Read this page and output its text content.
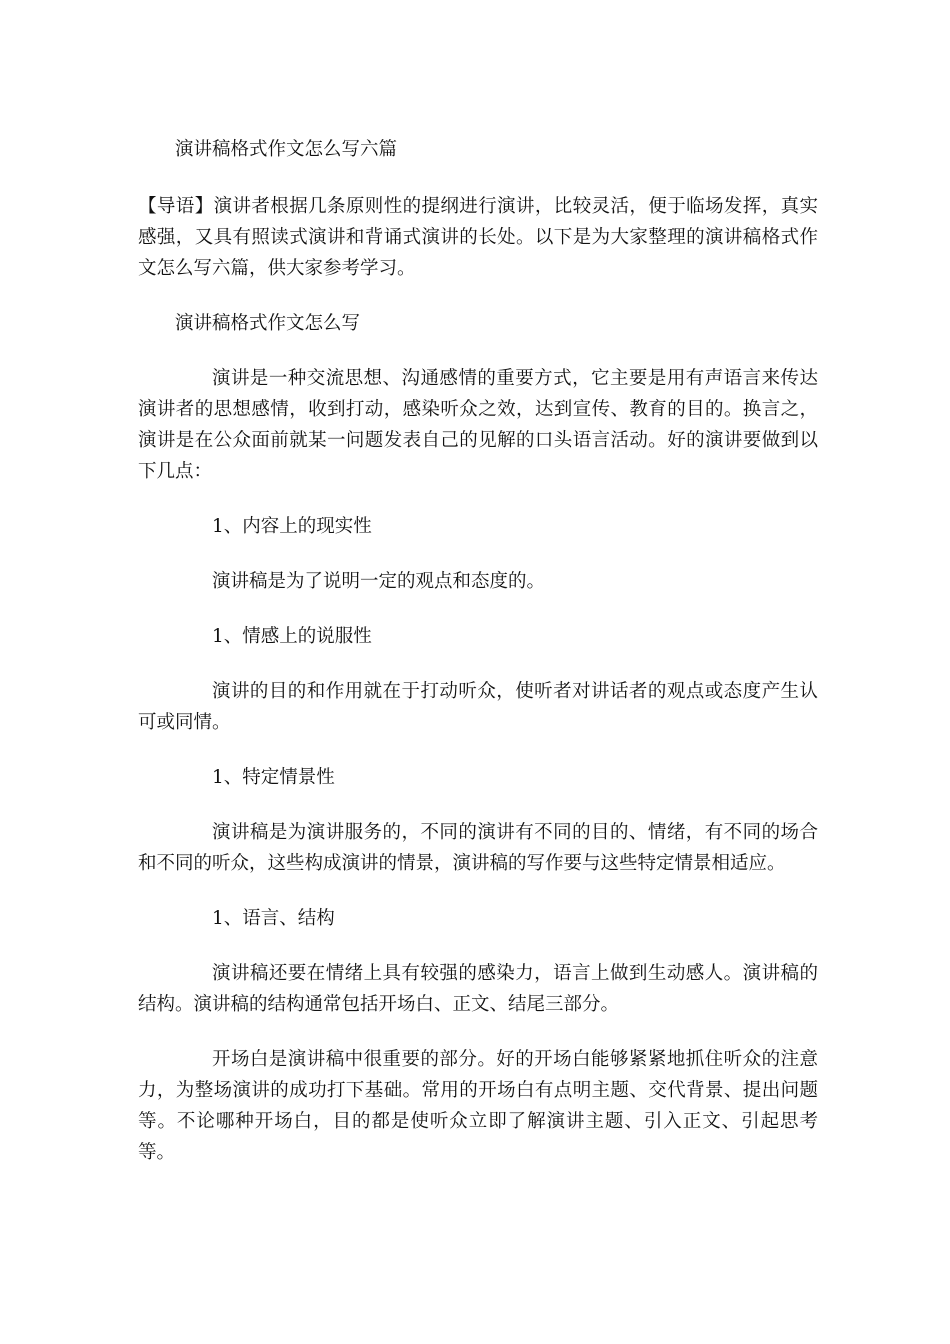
演讲稿格式作文怎么写六篇

【导语】演讲者根据几条原则性的提纲进行演讲，比较灵活，便于临场发挥，真实感强，又具有照读式演讲和背诵式演讲的长处。以下是为大家整理的演讲稿格式作文怎么写六篇，供大家参考学习。

演讲稿格式作文怎么写

演讲是一种交流思想、沟通感情的重要方式，它主要是用有声语言来传达演讲者的思想感情，收到打动，感染听众之效，达到宣传、教育的目的。换言之，演讲是在公众面前就某一问题发表自己的见解的口头语言活动。好的演讲要做到以下几点：

1、内容上的现实性

演讲稿是为了说明一定的观点和态度的。

1、情感上的说服性

演讲的目的和作用就在于打动听众，使听者对讲话者的观点或态度产生认可或同情。

1、特定情景性

演讲稿是为演讲服务的，不同的演讲有不同的目的、情绪，有不同的场合和不同的听众，这些构成演讲的情景，演讲稿的写作要与这些特定情景相适应。

1、语言、结构

演讲稿还要在情绪上具有较强的感染力，语言上做到生动感人。演讲稿的结构。演讲稿的结构通常包括开场白、正文、结尾三部分。

开场白是演讲稿中很重要的部分。好的开场白能够紧紧地抓住听众的注意力，为整场演讲的成功打下基础。常用的开场白有点明主题、交代背景、提出问题等。不论哪种开场白，目的都是使听众立即了解演讲主题、引入正文、引起思考等。
